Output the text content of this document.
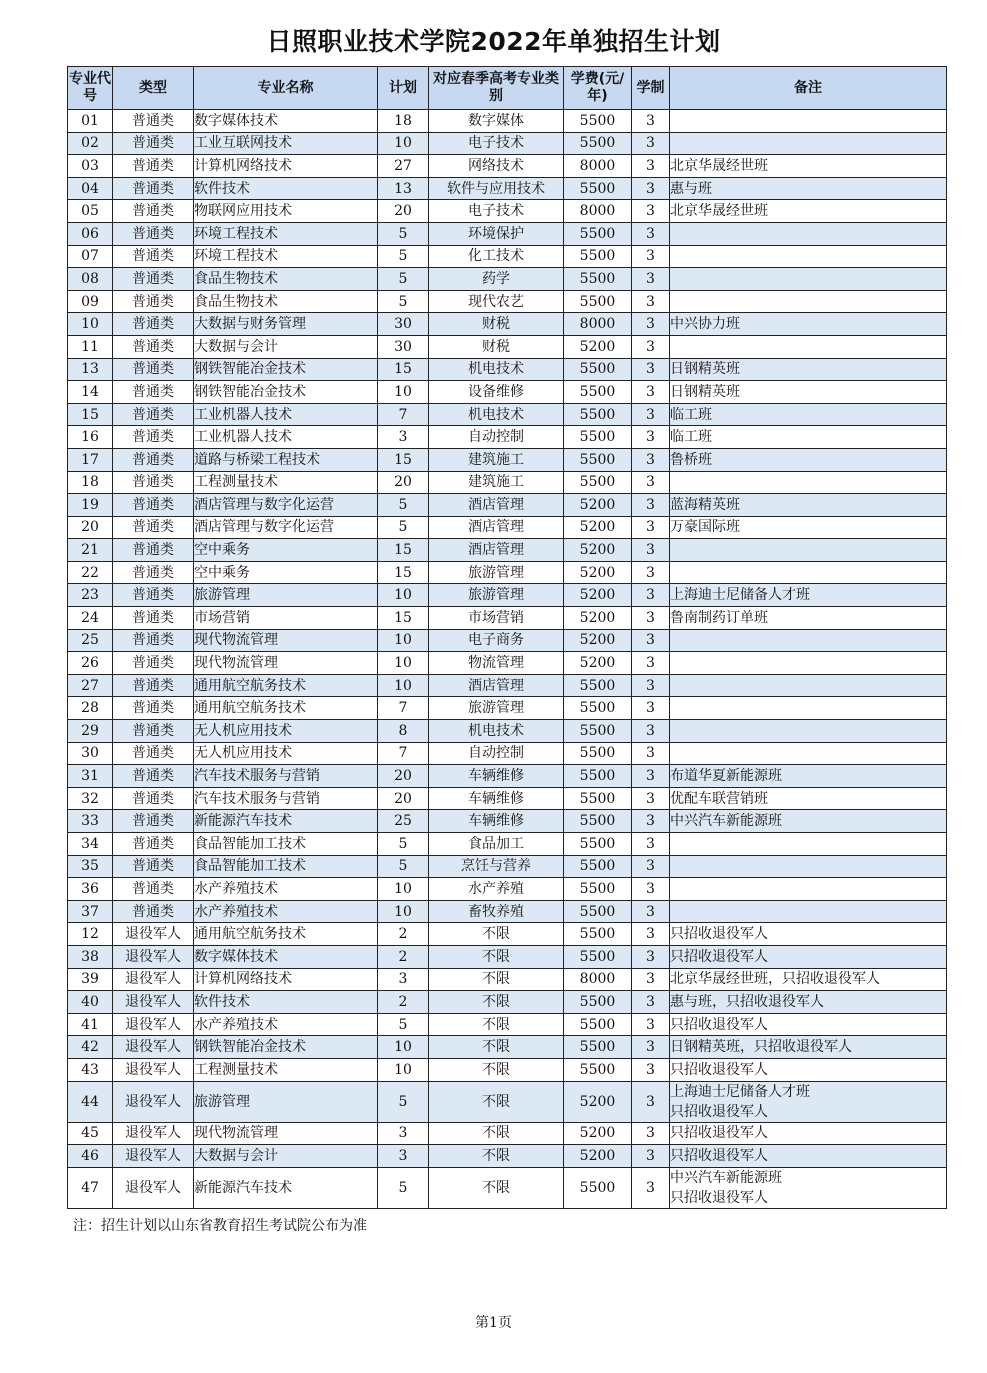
日照职业技术学院2022年单独招生计划
专业代号	类型	专业名称	计划	对应春季高考专业类别	学费(元/年)	学制	备注
01	普通类	数字媒体技术	18	数字媒体	5500	3	
02	普通类	工业互联网技术	10	电子技术	5500	3	
03	普通类	计算机网络技术	27	网络技术	8000	3	北京华晟经世班
04	普通类	软件技术	13	软件与应用技术	5500	3	惠与班
05	普通类	物联网应用技术	20	电子技术	8000	3	北京华晟经世班
06	普通类	环境工程技术	5	环境保护	5500	3	
07	普通类	环境工程技术	5	化工技术	5500	3	
08	普通类	食品生物技术	5	药学	5500	3	
09	普通类	食品生物技术	5	现代农艺	5500	3	
10	普通类	大数据与财务管理	30	财税	8000	3	中兴协力班
11	普通类	大数据与会计	30	财税	5200	3	
13	普通类	钢铁智能冶金技术	15	机电技术	5500	3	日钢精英班
14	普通类	钢铁智能冶金技术	10	设备维修	5500	3	日钢精英班
15	普通类	工业机器人技术	7	机电技术	5500	3	临工班
16	普通类	工业机器人技术	3	自动控制	5500	3	临工班
17	普通类	道路与桥梁工程技术	15	建筑施工	5500	3	鲁桥班
18	普通类	工程测量技术	20	建筑施工	5500	3	
19	普通类	酒店管理与数字化运营	5	酒店管理	5200	3	蓝海精英班
20	普通类	酒店管理与数字化运营	5	酒店管理	5200	3	万豪国际班
21	普通类	空中乘务	15	酒店管理	5200	3	
22	普通类	空中乘务	15	旅游管理	5200	3	
23	普通类	旅游管理	10	旅游管理	5200	3	上海迪士尼储备人才班
24	普通类	市场营销	15	市场营销	5200	3	鲁南制药订单班
25	普通类	现代物流管理	10	电子商务	5200	3	
26	普通类	现代物流管理	10	物流管理	5200	3	
27	普通类	通用航空航务技术	10	酒店管理	5500	3	
28	普通类	通用航空航务技术	7	旅游管理	5500	3	
29	普通类	无人机应用技术	8	机电技术	5500	3	
30	普通类	无人机应用技术	7	自动控制	5500	3	
31	普通类	汽车技术服务与营销	20	车辆维修	5500	3	布道华夏新能源班
32	普通类	汽车技术服务与营销	20	车辆维修	5500	3	优配车联营销班
33	普通类	新能源汽车技术	25	车辆维修	5500	3	中兴汽车新能源班
34	普通类	食品智能加工技术	5	食品加工	5500	3	
35	普通类	食品智能加工技术	5	烹饪与营养	5500	3	
36	普通类	水产养殖技术	10	水产养殖	5500	3	
37	普通类	水产养殖技术	10	畜牧养殖	5500	3	
12	退役军人	通用航空航务技术	2	不限	5500	3	只招收退役军人
38	退役军人	数字媒体技术	2	不限	5500	3	只招收退役军人
39	退役军人	计算机网络技术	3	不限	8000	3	北京华晟经世班，只招收退役军人
40	退役军人	软件技术	2	不限	5500	3	惠与班，只招收退役军人
41	退役军人	水产养殖技术	5	不限	5500	3	只招收退役军人
42	退役军人	钢铁智能冶金技术	10	不限	5500	3	日钢精英班，只招收退役军人
43	退役军人	工程测量技术	10	不限	5500	3	只招收退役军人
44	退役军人	旅游管理	5	不限	5200	3	上海迪士尼储备人才班
只招收退役军人
45	退役军人	现代物流管理	3	不限	5200	3	只招收退役军人
46	退役军人	大数据与会计	3	不限	5200	3	只招收退役军人
47	退役军人	新能源汽车技术	5	不限	5500	3	中兴汽车新能源班
只招收退役军人

注：招生计划以山东省教育招生考试院公布为准

第1页
